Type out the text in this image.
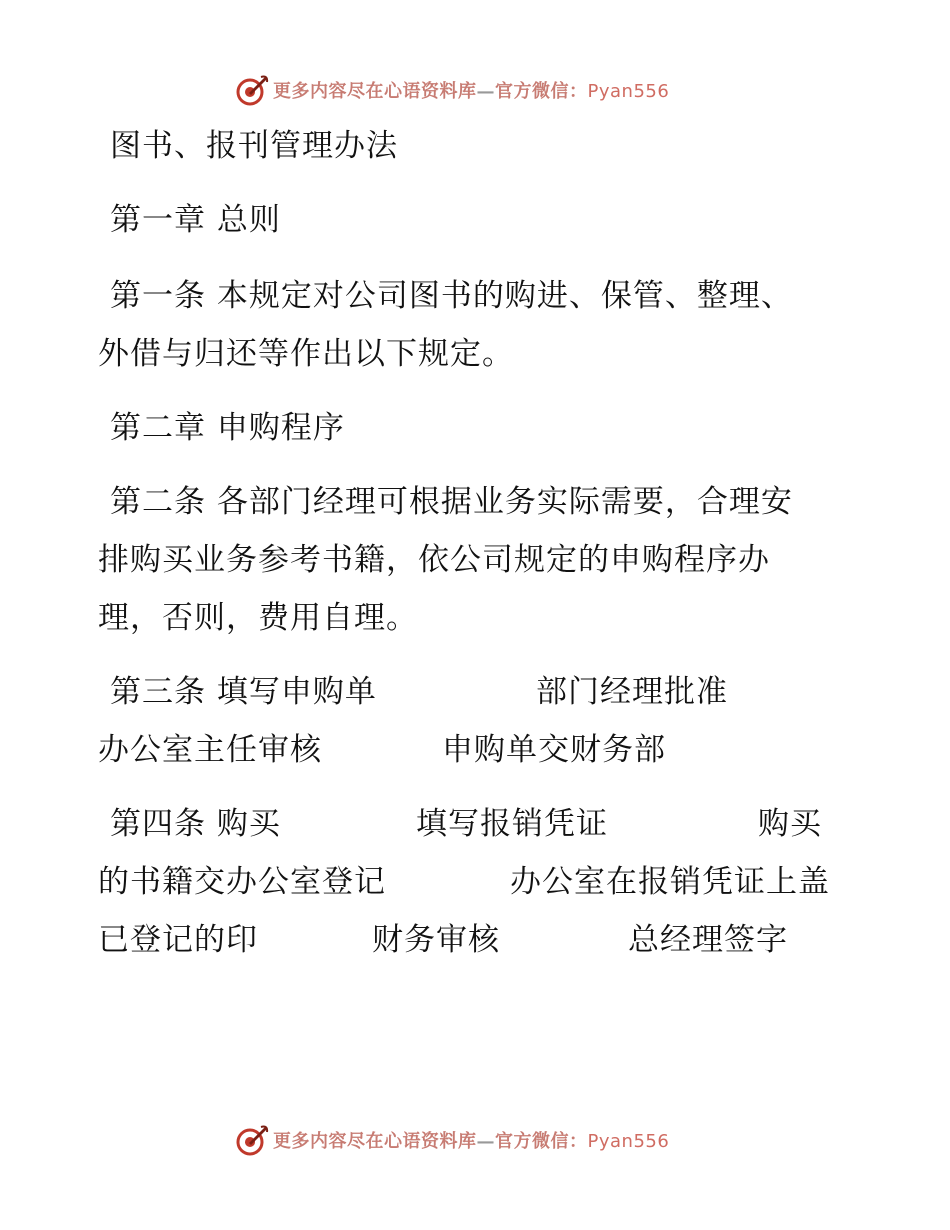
更多内容尽在心语资料库—官方微信：Pyan556
图书、报刊管理办法
第一章 总则
第一条 本规定对公司图书的购进、保管、整理、
外借与归还等作出以下规定。
第二章 申购程序
第二条 各部门经理可根据业务实际需要，合理安
排购买业务参考书籍，依公司规定的申购程序办
理，否则，费用自理。
第三条 填写申购单	部门经理批准
办公室主任审核	申购单交财务部
第四条 购买	填写报销凭证	购买
的书籍交办公室登记	办公室在报销凭证上盖
已登记的印	财务审核	总经理签字
更多内容尽在心语资料库—官方微信：Pyan556
